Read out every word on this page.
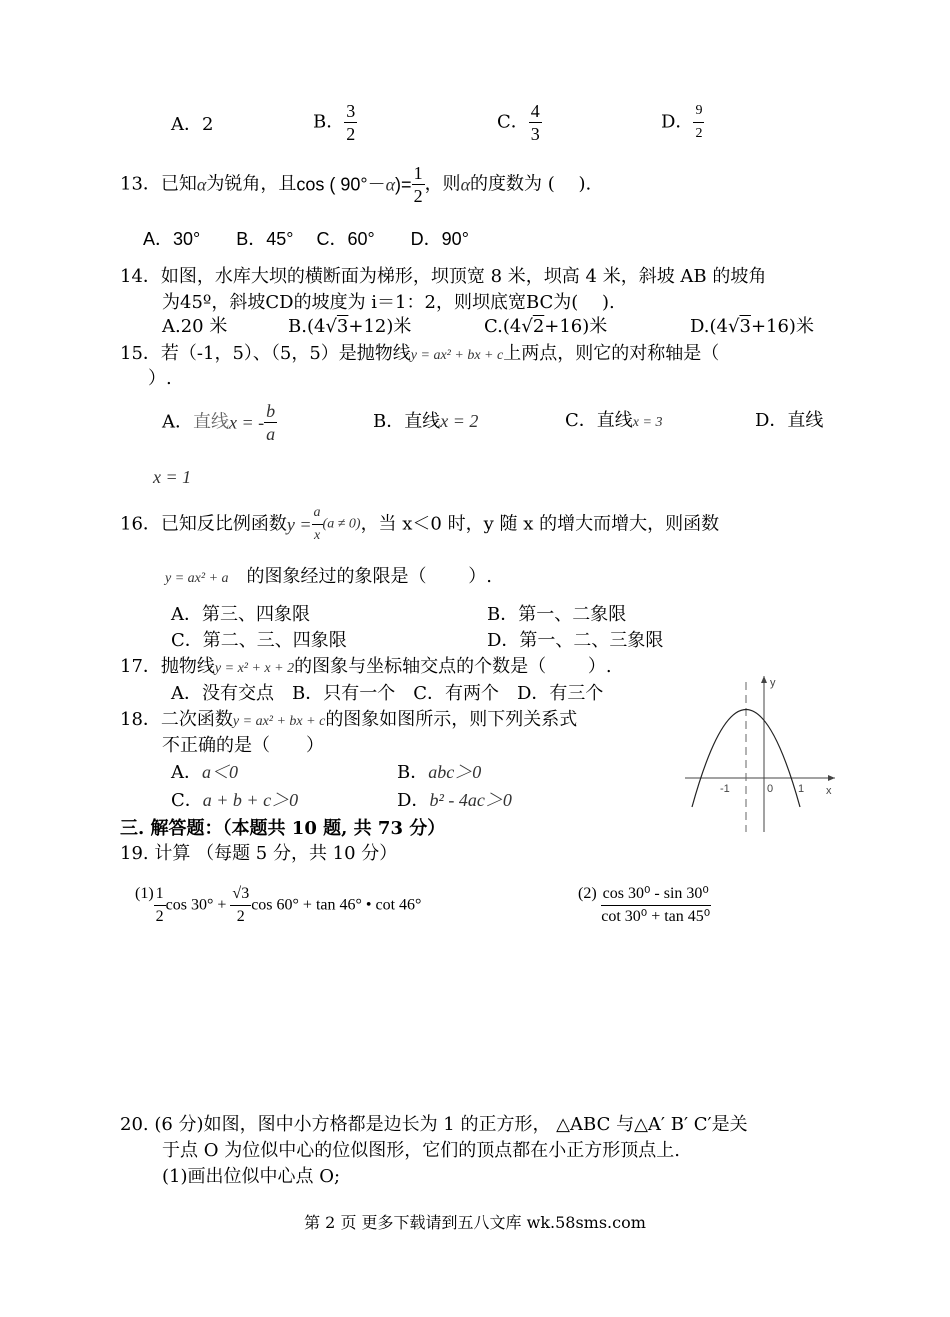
A．2	B． $\frac{3}{2}$	C． $\frac{4}{3}$	D． $\frac{9}{2}$
13．已知α为锐角，且cos ( $90^\circ-\alpha)= \frac{1}{2}$ ，则α的度数为 (　 ).
A．30°　　B．45°　 C．60°　　D．90°
14．如图，水库大坝的横断面为梯形，坝顶宽 8 米，坝高 4 米，斜坡 AB 的坡角
为45º，斜坡CD的坡度为 i＝1：2，则坝底宽BC为(　 ).
A.20 米	B.(4√3+12)米	C.(4√2+16)米	D.(4√3+16)米
15．若（-1，5）、（5，5）是抛物线y = ax² + bx + c上两点，则它的对称轴是（
）.
A．直线x = - $\frac{b}{a}$	B．直线x = 2	C．直线x = 3	D．直线
x = 1
16．已知反比例函数$y = \frac{a}{x} (a \ne 0)$，当 x＜0 时，y 随 x 的增大而增大，则函数
y = ax² + a　 的图象经过的象限是（　　 ）.
A．第三、四象限	B．第一、二象限
C．第二、三、四象限	D．第一、二、三象限
17．抛物线y = x² + x + 2的图象与坐标轴交点的个数是（　　 ）.
A．没有交点　B．只有一个　C．有两个　D．有三个
18．二次函数y = ax² + bx + c的图象如图所示，则下列关系式
不正确的是（　　）
A．a＜0	B．abc＞0
C．a + b + c＞0	D．b² - 4ac＞0
y
x
-1	0 1
三. 解答题：（本题共 10 题, 共 73 分）
19. 计算 （每题 5 分，共 10 分）
$(1) \frac{1}{2}$ $\cos 30^\circ + \frac{√3}{2}$ cos 60° + tan 46° • cot 46°
$(2) \frac{\text{cos 30⁰ - sin 30⁰}}{\text{cot 30⁰ + tan 45⁰}}$
20. (6 分)如图，图中小方格都是边长为 1 的正方形， △ABC 与△A′ B′ C′是关
于点 O 为位似中心的位似图形，它们的顶点都在小正方形顶点上.
(1)画出位似中心点 O;
第 2 页 更多下载请到五八文库 wk.58sms.com
